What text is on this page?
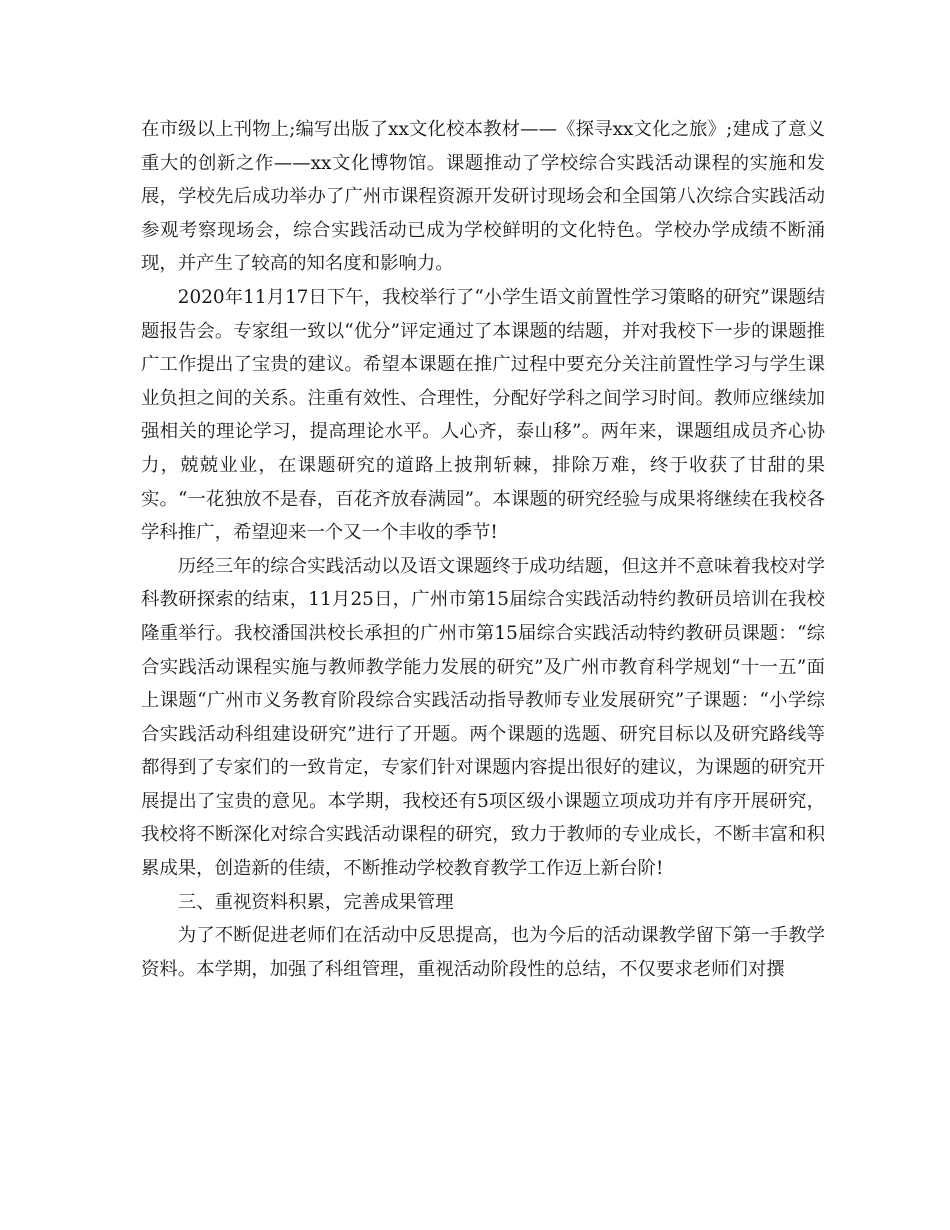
在市级以上刊物上;编写出版了xx文化校本教材——《探寻xx文化之旅》;建成了意义重大的创新之作——xx文化博物馆。课题推动了学校综合实践活动课程的实施和发展，学校先后成功举办了广州市课程资源开发研讨现场会和全国第八次综合实践活动参观考察现场会，综合实践活动已成为学校鲜明的文化特色。学校办学成绩不断涌现，并产生了较高的知名度和影响力。

2020年11月17日下午，我校举行了“小学生语文前置性学习策略的研究”课题结题报告会。专家组一致以“优分”评定通过了本课题的结题，并对我校下一步的课题推广工作提出了宝贵的建议。希望本课题在推广过程中要充分关注前置性学习与学生课业负担之间的关系。注重有效性、合理性，分配好学科之间学习时间。教师应继续加强相关的理论学习，提高理论水平。人心齐，泰山移”。两年来，课题组成员齐心协力，兢兢业业，在课题研究的道路上披荆斩棘，排除万难，终于收获了甘甜的果实。“一花独放不是春，百花齐放春满园”。本课题的研究经验与成果将继续在我校各学科推广，希望迎来一个又一个丰收的季节!

历经三年的综合实践活动以及语文课题终于成功结题，但这并不意味着我校对学科教研探索的结束，11月25日，广州市第15届综合实践活动特约教研员培训在我校隆重举行。我校潘国洪校长承担的广州市第15届综合实践活动特约教研员课题：“综合实践活动课程实施与教师教学能力发展的研究”及广州市教育科学规划“十一五”面上课题“广州市义务教育阶段综合实践活动指导教师专业发展研究”子课题：“小学综合实践活动科组建设研究”进行了开题。两个课题的选题、研究目标以及研究路线等都得到了专家们的一致肯定，专家们针对课题内容提出很好的建议，为课题的研究开展提出了宝贵的意见。本学期，我校还有5项区级小课题立项成功并有序开展研究，我校将不断深化对综合实践活动课程的研究，致力于教师的专业成长，不断丰富和积累成果，创造新的佳绩，不断推动学校教育教学工作迈上新台阶!

三、重视资料积累，完善成果管理

为了不断促进老师们在活动中反思提高，也为今后的活动课教学留下第一手教学资料。本学期，加强了科组管理，重视活动阶段性的总结，不仅要求老师们对撰
